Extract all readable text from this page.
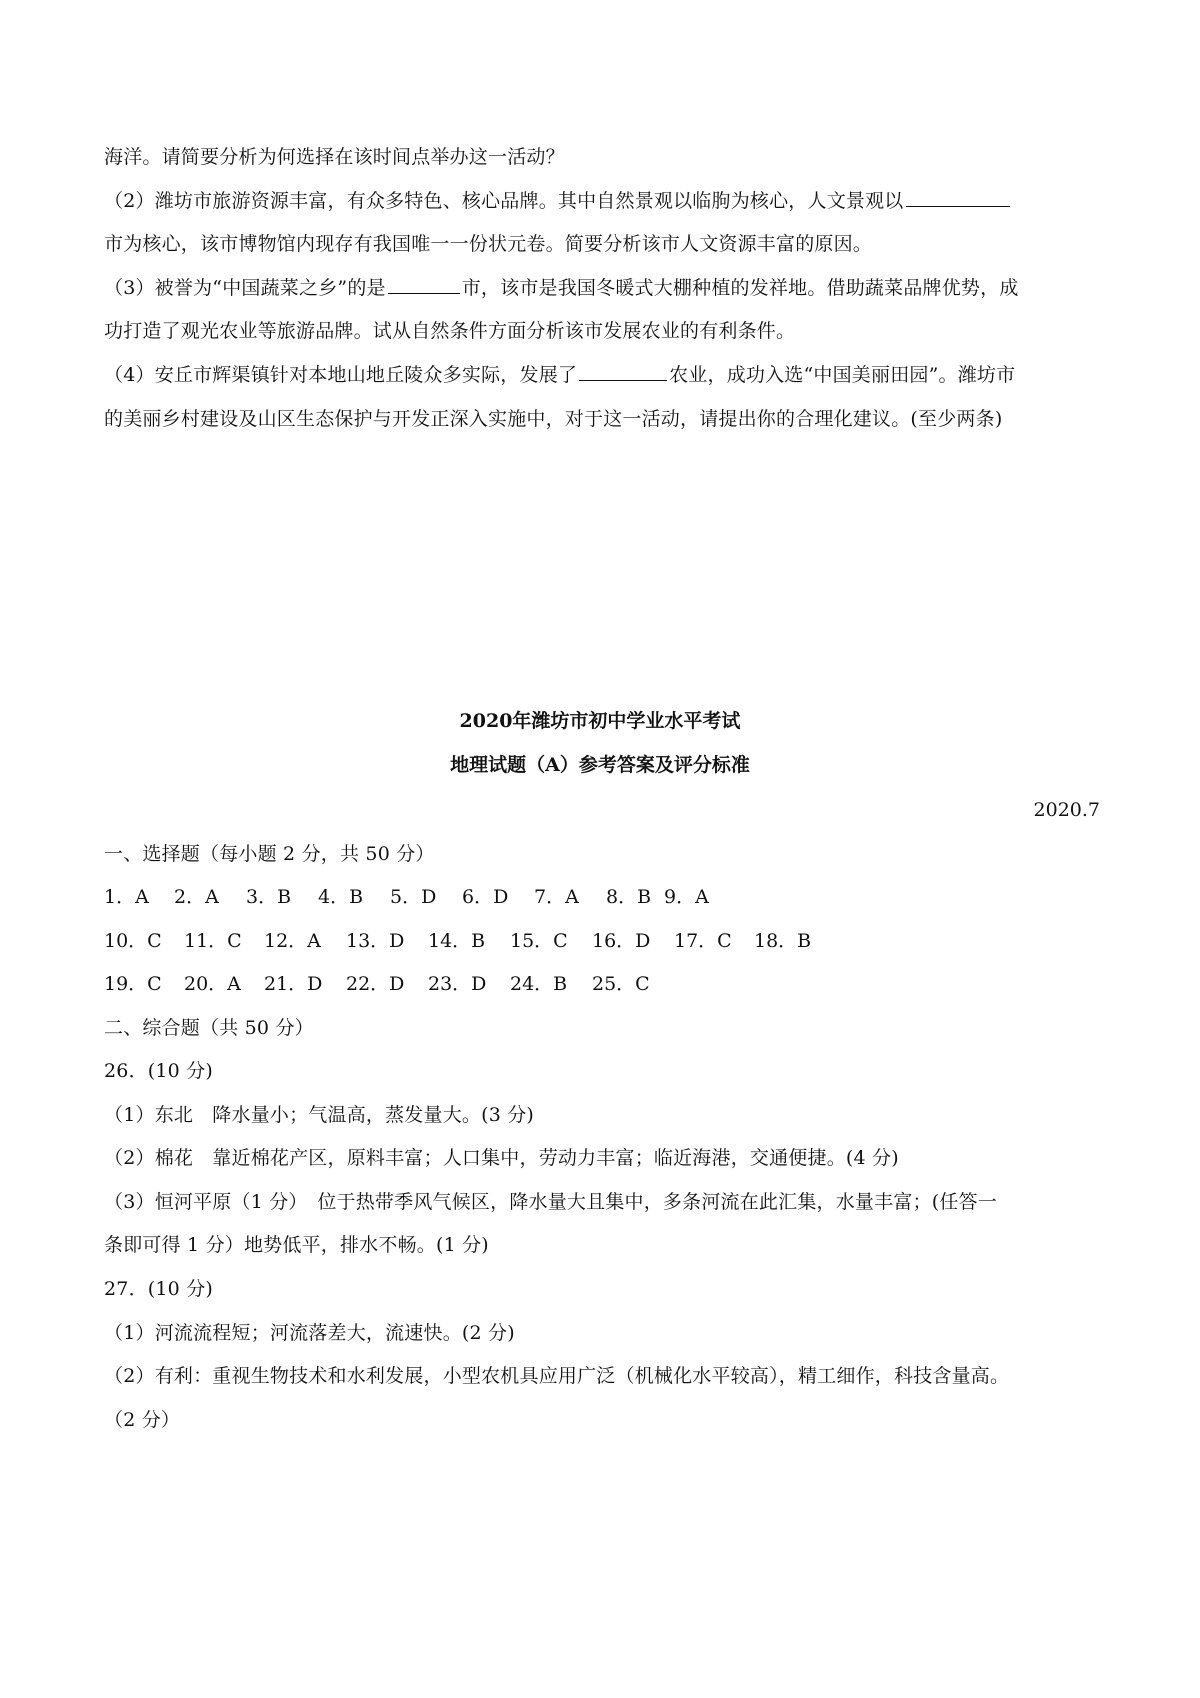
海洋。请简要分析为何选择在该时间点举办这一活动？
（2）潍坊市旅游资源丰富，有众多特色、核心品牌。其中自然景观以临朐为核心，人文景观以
市为核心，该市博物馆内现存有我国唯一一份状元卷。简要分析该市人文资源丰富的原因。
（3）被誉为“中国蔬菜之乡”的是	市，该市是我国冬暖式大棚种植的发祥地。借助蔬菜品牌优势，成
功打造了观光农业等旅游品牌。试从自然条件方面分析该市发展农业的有利条件。
（4）安丘市辉渠镇针对本地山地丘陵众多实际，发展了	农业，成功入选“中国美丽田园”。潍坊市
的美丽乡村建设及山区生态保护与开发正深入实施中，对于这一活动，请提出你的合理化建议。(至少两条)
2020年潍坊市初中学业水平考试
地理试题（A）参考答案及评分标准
2020.7
一、选择题（每小题 2 分，共 50 分）
1．A 2．A 3．B 4．B 5．D 6．D 7．A 8．B 9．A
10．C 11．C 12．A 13．D 14．B 15．C 16．D 17．C 18．B
19．C 20．A 21．D 22．D 23．D 24．B 25．C
二、综合题（共 50 分）
26．(10 分)
（1）东北　降水量小；气温高，蒸发量大。(3 分)
（2）棉花　靠近棉花产区，原料丰富；人口集中，劳动力丰富；临近海港，交通便捷。(4 分)
（3）恒河平原（1 分）　位于热带季风气候区，降水量大且集中，多条河流在此汇集，水量丰富；(任答一
条即可得 1 分）地势低平，排水不畅。(1 分)
27．(10 分)
（1）河流流程短；河流落差大，流速快。(2 分)
（2）有利：重视生物技术和水利发展，小型农机具应用广泛（机械化水平较高），精工细作，科技含量高。
（2 分）
